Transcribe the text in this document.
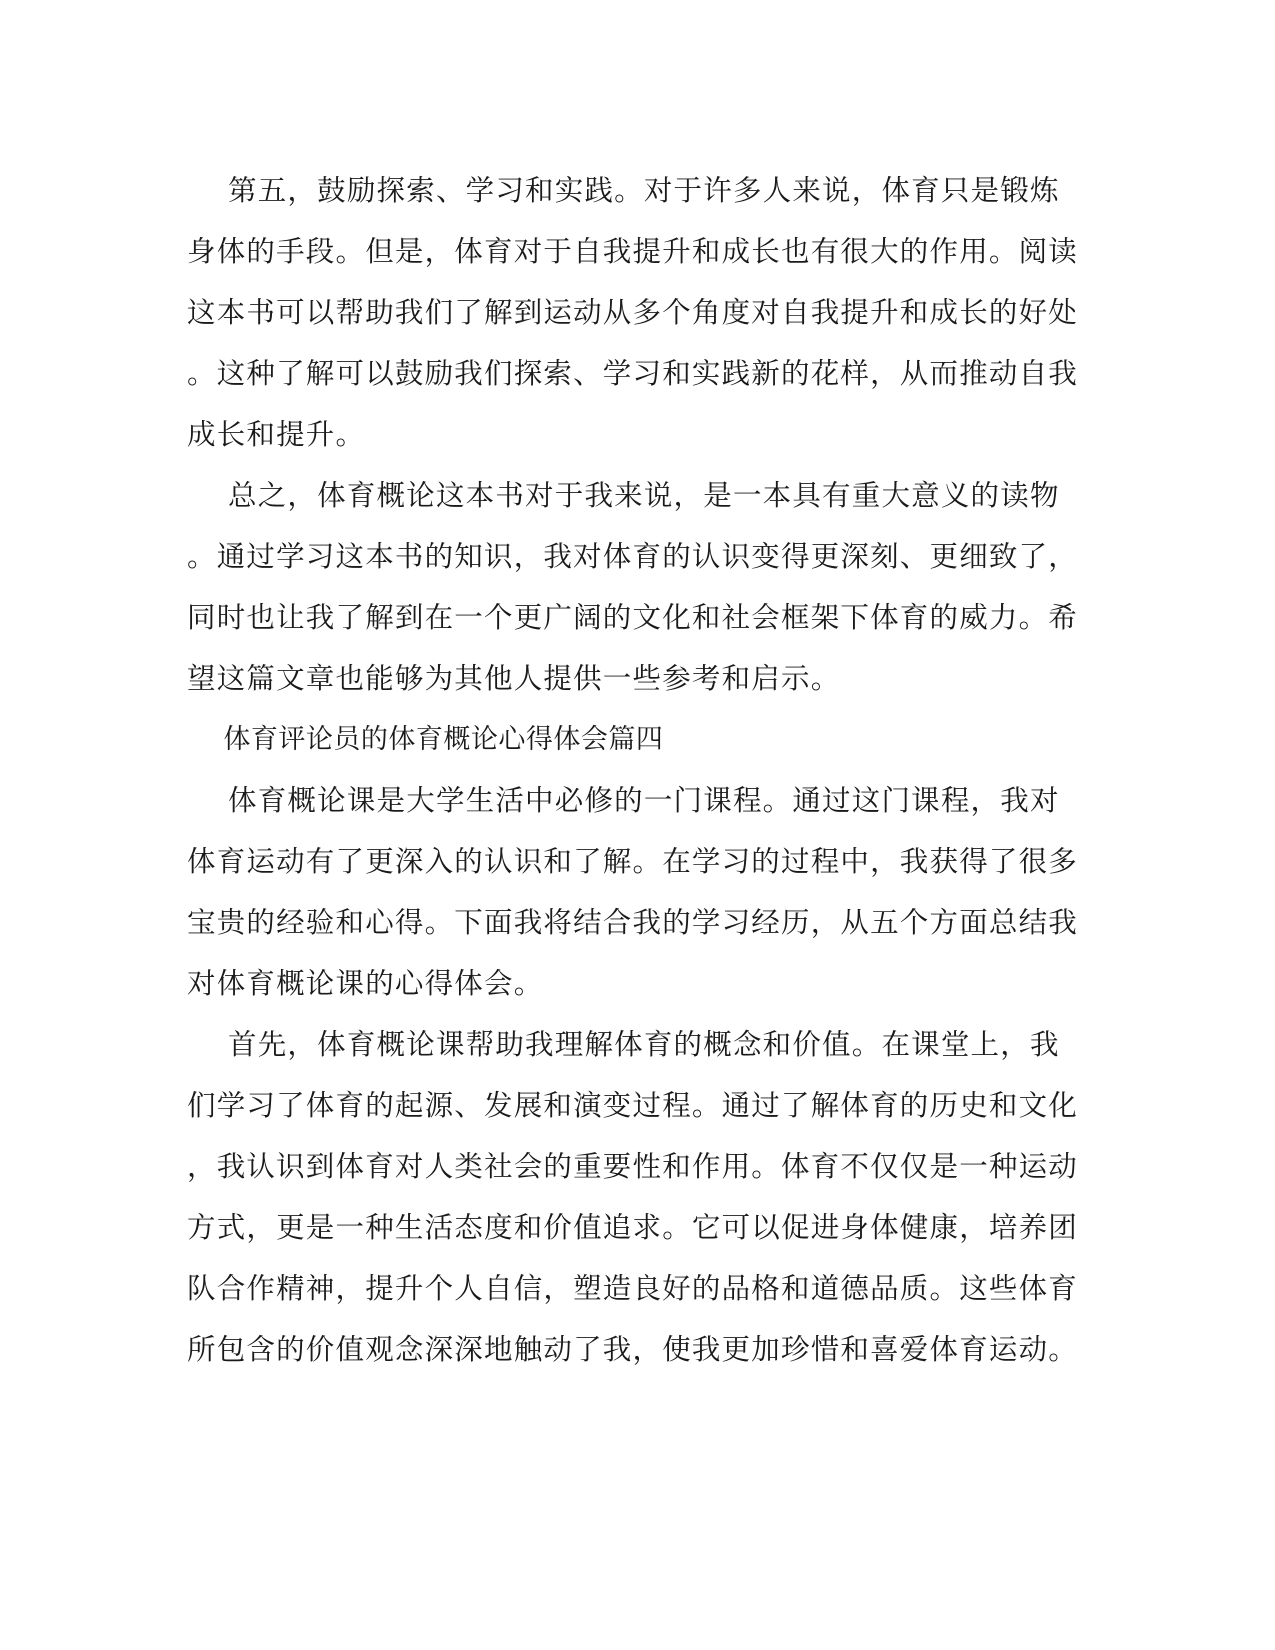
第五，鼓励探索、学习和实践。对于许多人来说，体育只是锻炼
身体的手段。但是，体育对于自我提升和成长也有很大的作用。阅读
这本书可以帮助我们了解到运动从多个角度对自我提升和成长的好处
。这种了解可以鼓励我们探索、学习和实践新的花样，从而推动自我
成长和提升。
总之，体育概论这本书对于我来说，是一本具有重大意义的读物
。通过学习这本书的知识，我对体育的认识变得更深刻、更细致了，
同时也让我了解到在一个更广阔的文化和社会框架下体育的威力。希
望这篇文章也能够为其他人提供一些参考和启示。
体育评论员的体育概论心得体会篇四
体育概论课是大学生活中必修的一门课程。通过这门课程，我对
体育运动有了更深入的认识和了解。在学习的过程中，我获得了很多
宝贵的经验和心得。下面我将结合我的学习经历，从五个方面总结我
对体育概论课的心得体会。
首先，体育概论课帮助我理解体育的概念和价值。在课堂上，我
们学习了体育的起源、发展和演变过程。通过了解体育的历史和文化
，我认识到体育对人类社会的重要性和作用。体育不仅仅是一种运动
方式，更是一种生活态度和价值追求。它可以促进身体健康，培养团
队合作精神，提升个人自信，塑造良好的品格和道德品质。这些体育
所包含的价值观念深深地触动了我，使我更加珍惜和喜爱体育运动。
